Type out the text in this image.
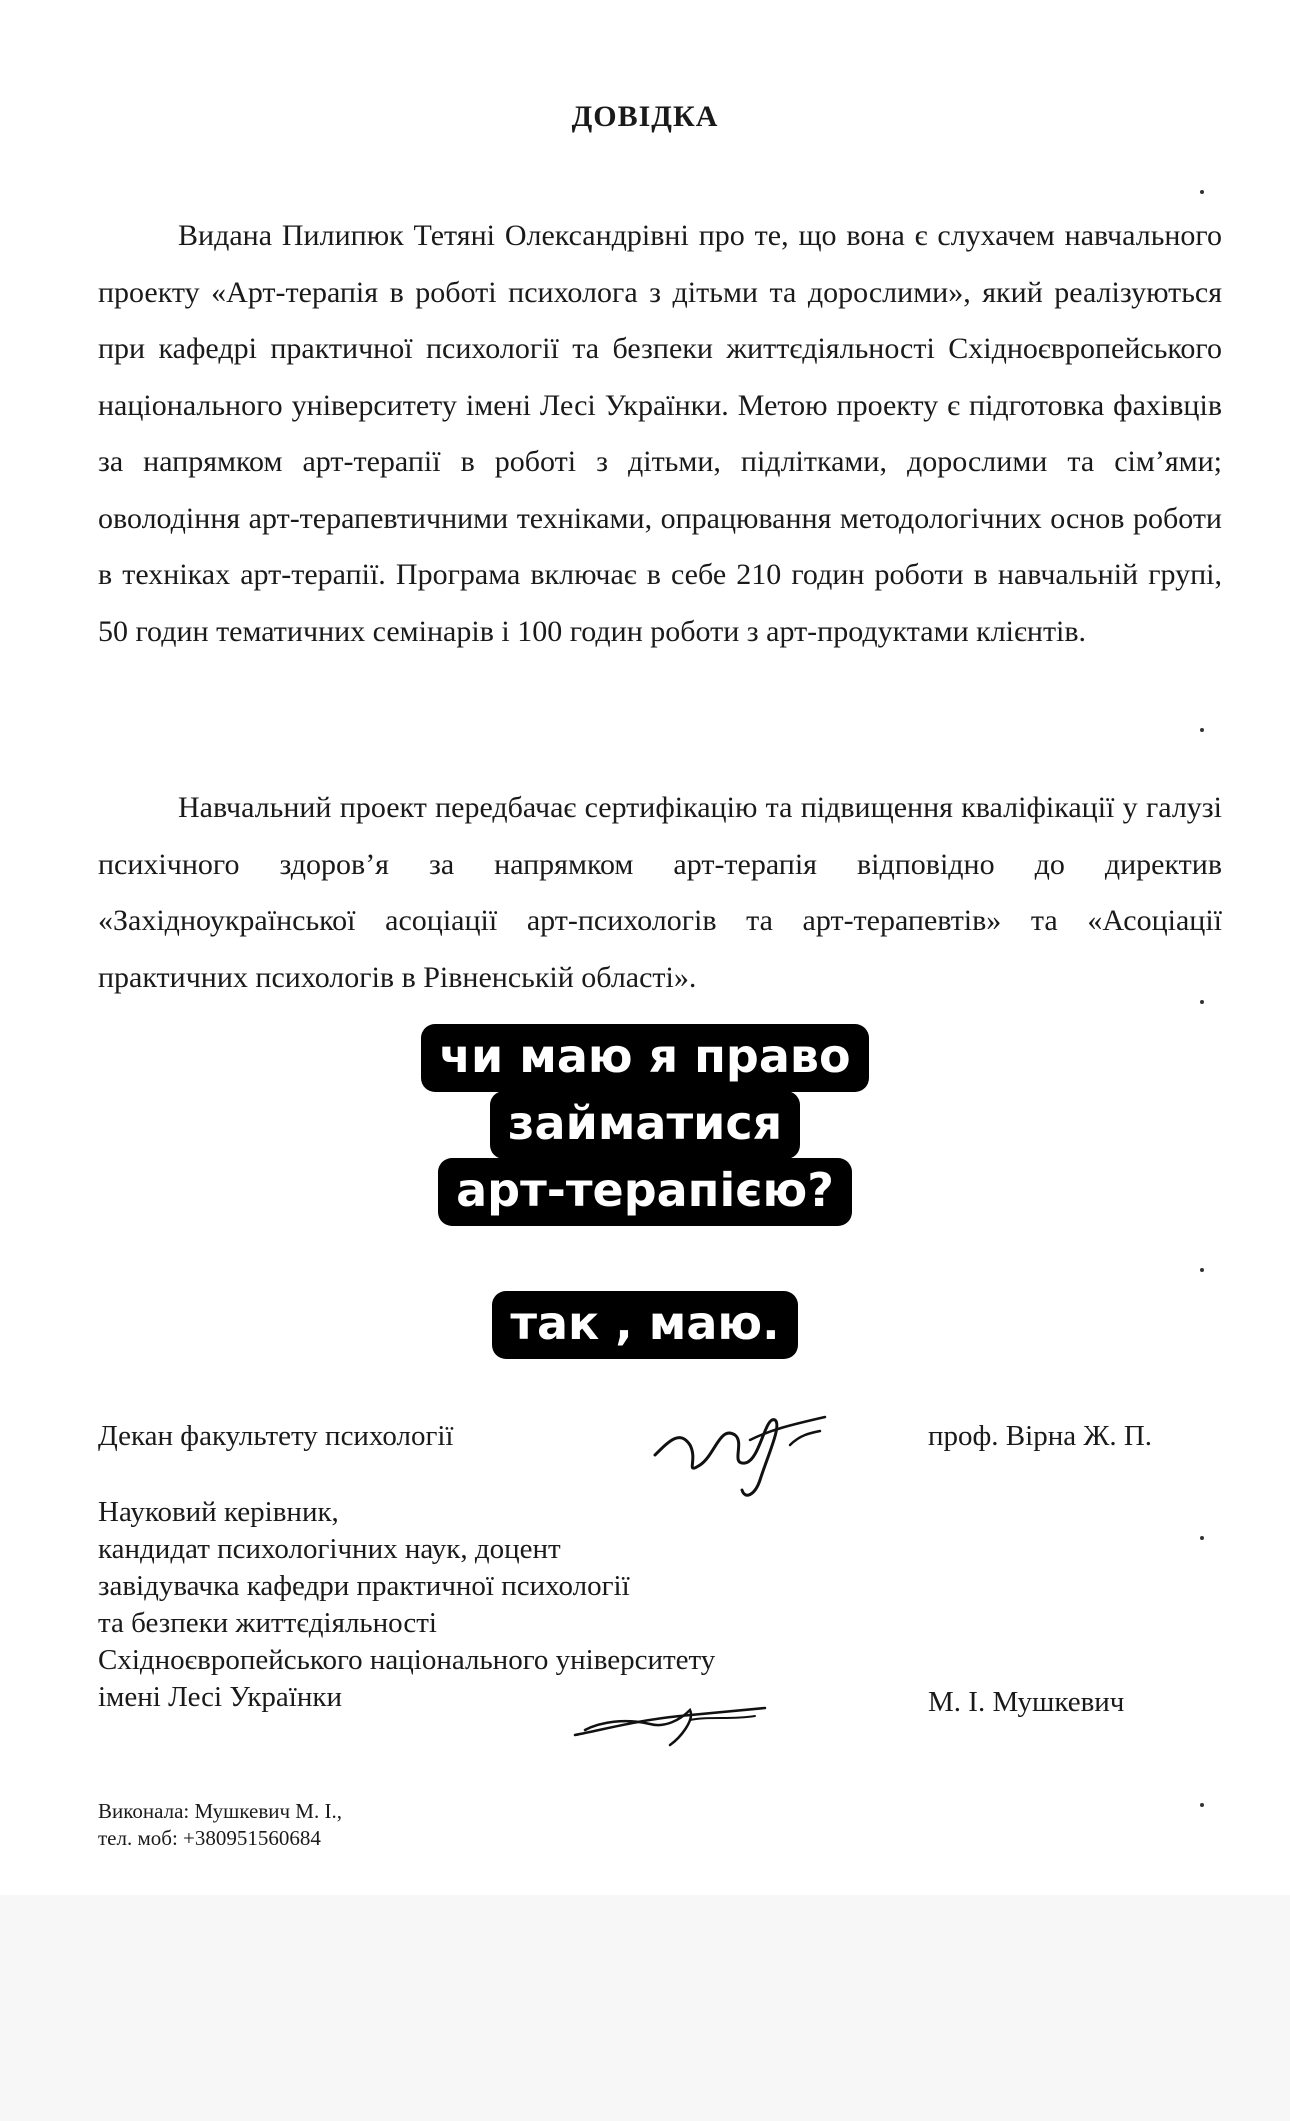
ДОВІДКА

Видана Пилипюк Тетяні Олександрівні про те, що вона є слухачем навчального проекту «Арт-терапія в роботі психолога з дітьми та дорослими», який реалізуються при кафедрі практичної психології та безпеки життєдіяльності Східноєвропейського національного університету імені Лесі Українки. Метою проекту є підготовка фахівців за напрямком арт-терапії в роботі з дітьми, підлітками, дорослими та сім’ями; оволодіння арт-терапевтичними техніками, опрацювання методологічних основ роботи в техніках арт-терапії. Програма включає в себе 210 годин роботи в навчальній групі, 50 годин тематичних семінарів і 100 годин роботи з арт-продуктами клієнтів.

Навчальний проект передбачає сертифікацію та підвищення кваліфікації у галузі психічного здоров’я за напрямком арт-терапія відповідно до директив «Західноукраїнської асоціації арт-психологів та арт-терапевтів» та «Асоціації практичних психологів в Рівненській області».

Декан факультету психології	проф. Вірна Ж. П.
Науковий керівник,
кандидат психологічних наук, доцент
завідувачка кафедри практичної психології
та безпеки життєдіяльності
Східноєвропейського національного університету
імені Лесі Українки	М. І. Мушкевич
Виконала: Мушкевич М. І.,
тел. моб: +380951560684
чи маю я право
займатися
арт-терапією?
так , маю.
